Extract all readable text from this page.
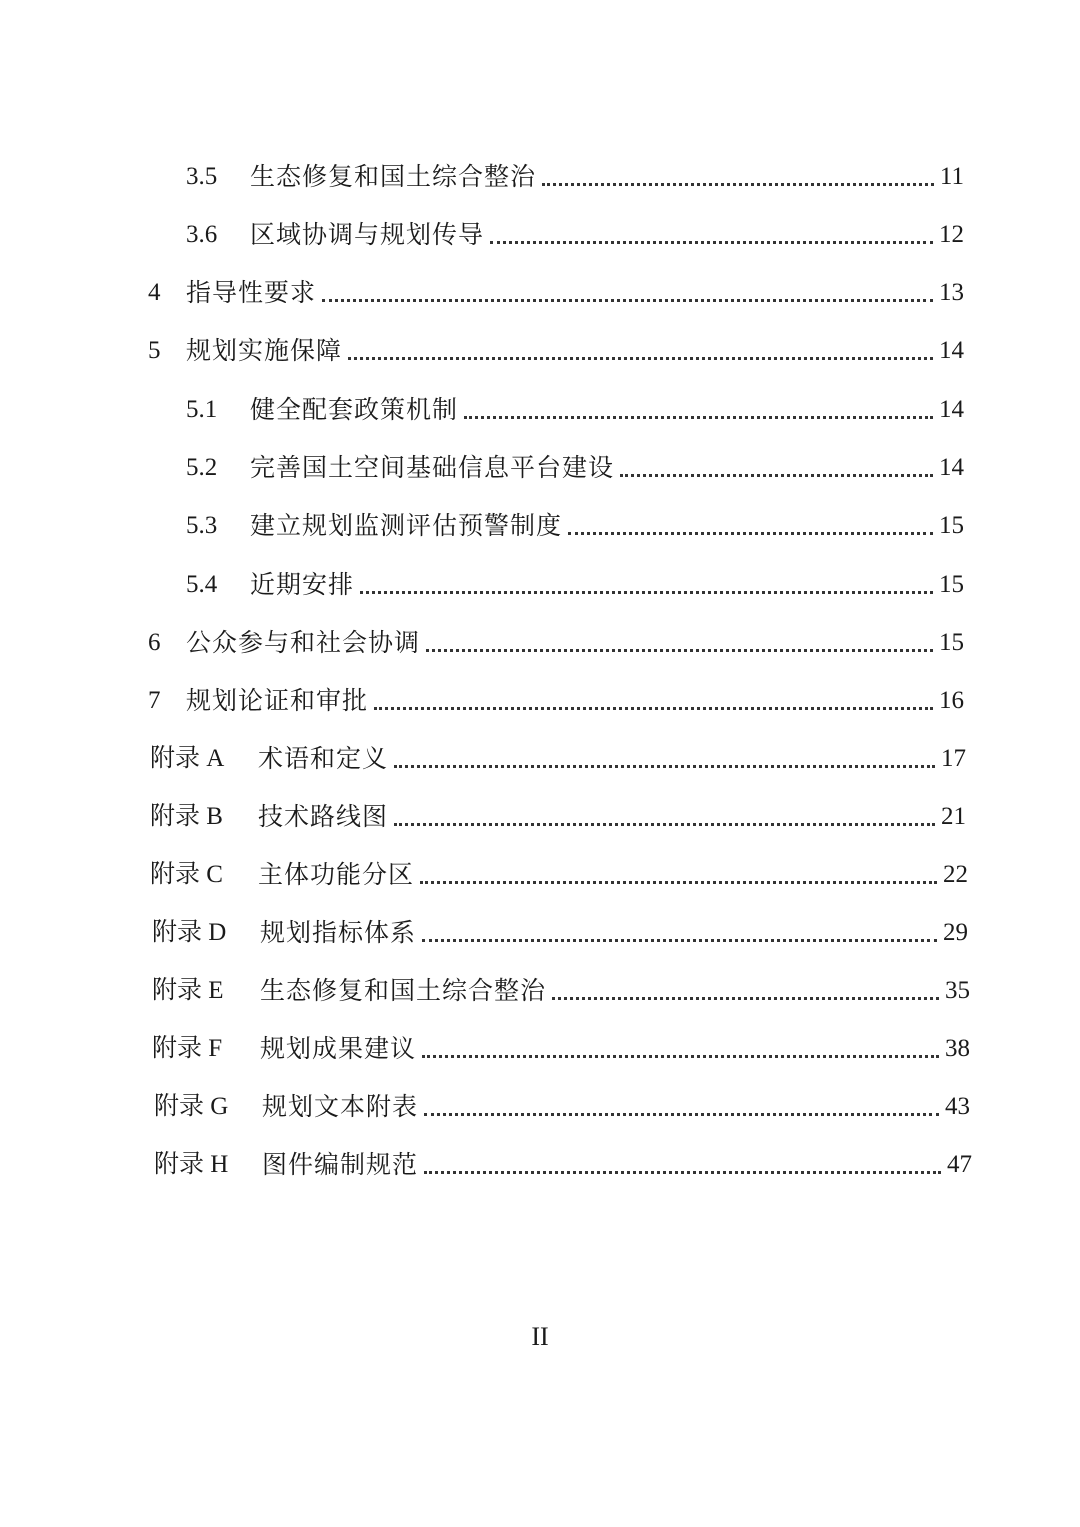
3.5	生态修复和国土综合整治	11
3.6	区域协调与规划传导	12
4	指导性要求	13
5	规划实施保障	14
5.1	健全配套政策机制	14
5.2	完善国土空间基础信息平台建设	14
5.3	建立规划监测评估预警制度	15
5.4	近期安排	15
6	公众参与和社会协调	15
7	规划论证和审批	16
附录 A	术语和定义	17
附录 B	技术路线图	21
附录 C	主体功能分区	22
附录 D	规划指标体系	29
附录 E	生态修复和国土综合整治	35
附录 F	规划成果建议	38
附录 G	规划文本附表	43
附录 H	图件编制规范	47
II
